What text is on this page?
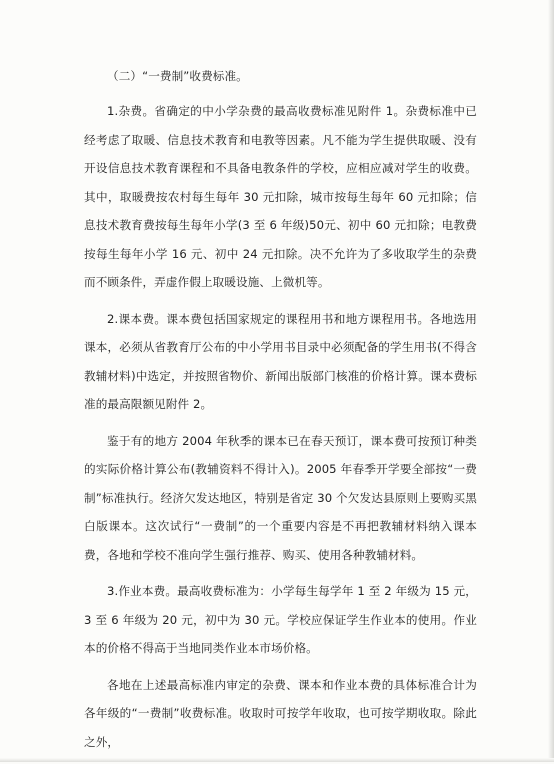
（二）“一费制”收费标准。

1.杂费。省确定的中小学杂费的最高收费标准见附件 1。杂费标准中已经考虑了取暖、信息技术教育和电教等因素。凡不能为学生提供取暖、没有开设信息技术教育课程和不具备电教条件的学校，应相应减对学生的收费。其中，取暖费按农村每生每年 30 元扣除，城市按每生每年 60 元扣除；信息技术教育费按每生每年小学(3 至 6 年级)50元、初中 60 元扣除；电教费按每生每年小学 16 元、初中 24 元扣除。决不允许为了多收取学生的杂费而不顾条件，弄虚作假上取暖设施、上微机等。

2.课本费。课本费包括国家规定的课程用书和地方课程用书。各地选用课本，必须从省教育厅公布的中小学用书目录中必须配备的学生用书(不得含教辅材料)中选定，并按照省物价、新闻出版部门核准的价格计算。课本费标准的最高限额见附件 2。

鉴于有的地方 2004 年秋季的课本已在春天预订，课本费可按预订种类的实际价格计算公布(教辅资料不得计入)。2005 年春季开学要全部按“一费制”标准执行。经济欠发达地区，特别是省定 30 个欠发达县原则上要购买黑白版课本。这次试行“一费制”的一个重要内容是不再把教辅材料纳入课本费，各地和学校不准向学生强行推荐、购买、使用各种教辅材料。

3.作业本费。最高收费标准为：小学每生每学年 1 至 2 年级为 15 元，3 至 6 年级为 20 元，初中为 30 元。学校应保证学生作业本的使用。作业本的价格不得高于当地同类作业本市场价格。

各地在上述最高标准内审定的杂费、课本和作业本费的具体标准合计为各年级的“一费制”收费标准。收取时可按学年收取，也可按学期收取。除此之外，
